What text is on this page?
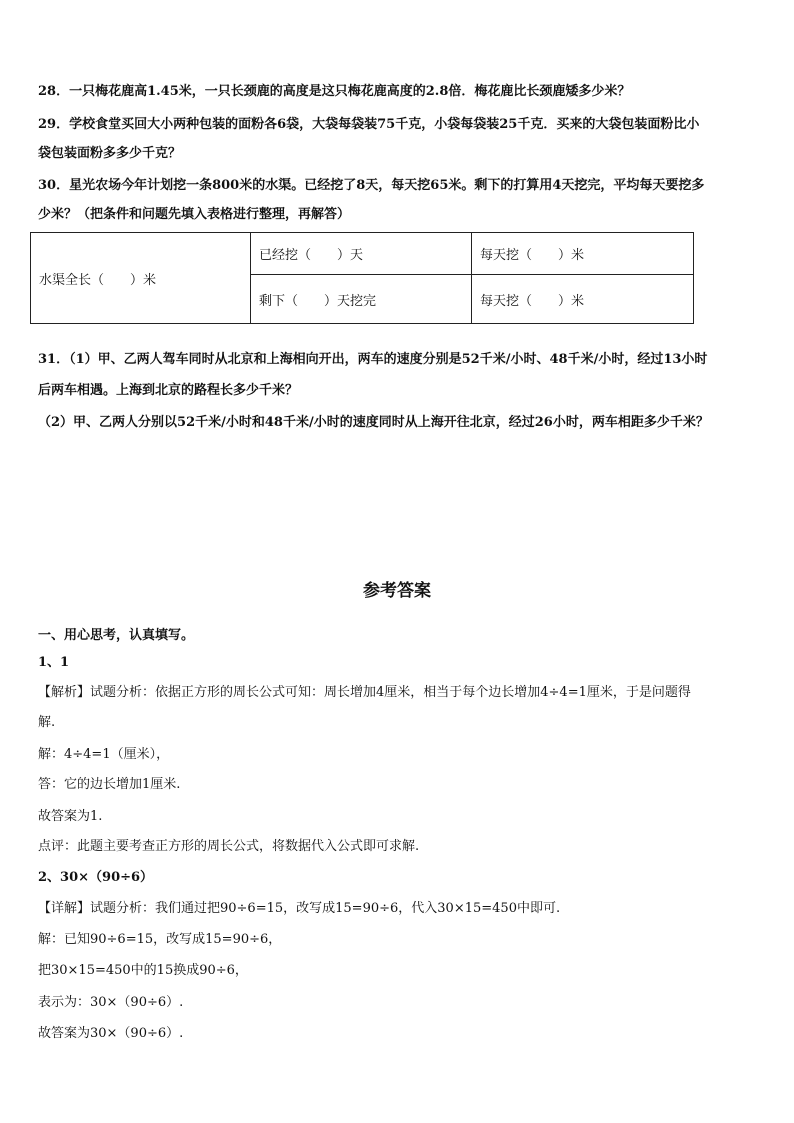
28．一只梅花鹿高1.45米，一只长颈鹿的高度是这只梅花鹿高度的2.8倍．梅花鹿比长颈鹿矮多少米？
29．学校食堂买回大小两种包装的面粉各6袋，大袋每袋装75千克，小袋每袋装25千克．买来的大袋包装面粉比小
袋包装面粉多多少千克？
30．星光农场今年计划挖一条800米的水渠。已经挖了8天，每天挖65米。剩下的打算用4天挖完，平均每天要挖多
少米？（把条件和问题先填入表格进行整理，再解答）
水渠全长（　　）米	已经挖（　　）天	每天挖（　　）米
	剩下（　　）天挖完	每天挖（　　）米
31．（1）甲、乙两人驾车同时从北京和上海相向开出，两车的速度分别是52千米/小时、48千米/小时，经过13小时
后两车相遇。上海到北京的路程长多少千米？
（2）甲、乙两人分别以52千米/小时和48千米/小时的速度同时从上海开往北京，经过26小时，两车相距多少千米？
参考答案
一、用心思考，认真填写。
1、1
【解析】试题分析：依据正方形的周长公式可知：周长增加4厘米，相当于每个边长增加4÷4=1厘米，于是问题得
解.
解：4÷4=1（厘米），
答：它的边长增加1厘米.
故答案为1.
点评：此题主要考查正方形的周长公式，将数据代入公式即可求解.
2、30×（90÷6）
【详解】试题分析：我们通过把90÷6=15，改写成15=90÷6，代入30×15=450中即可.
解：已知90÷6=15，改写成15=90÷6，
把30×15=450中的15换成90÷6，
表示为：30×（90÷6）.
故答案为30×（90÷6）.
